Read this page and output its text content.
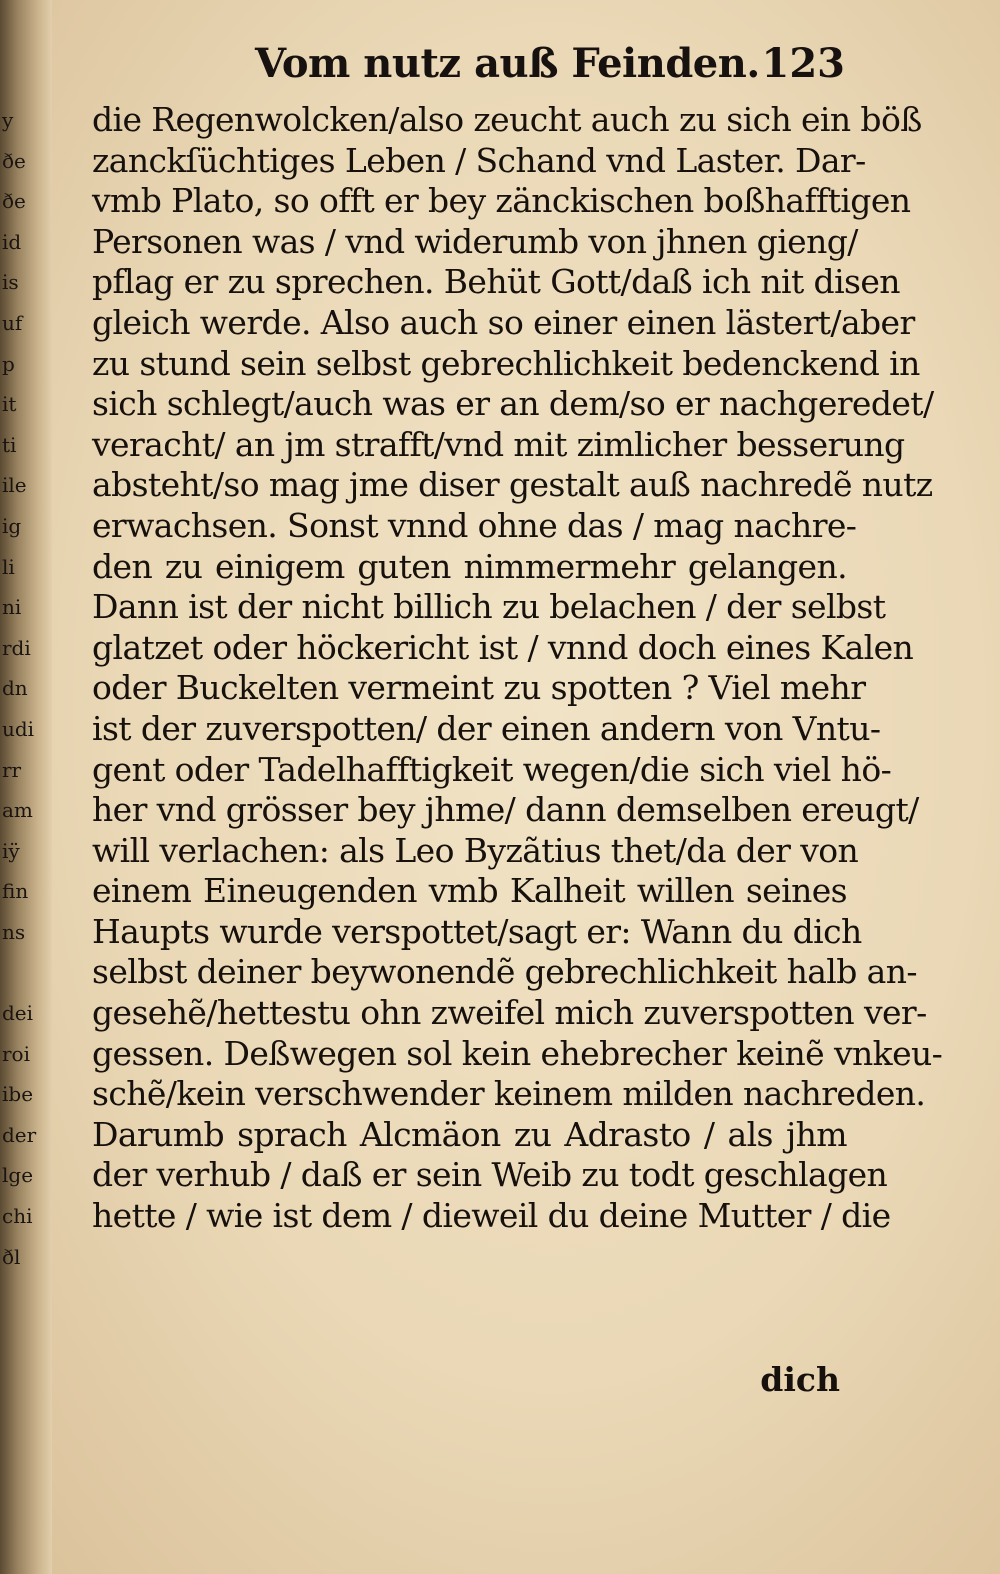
y
ðe
ðe
id
is
uf
p
it
ti
ile
ig
li
ni
rdi
dn
udi
rr
am
iÿ
fin
ns
dei
roi
ibe
der
lge
chi
ðl
Vom nutz auß Feinden. 123
die Regenwolcken/also zeucht auch zu sich ein böß
zanckſüchtiges Leben / Schand vnd Laster. Dar-
vmb Plato, so offt er bey zänckischen boßhafftigen
Personen was / vnd widerumb von jhnen gieng/
pflag er zu sprechen. Behüt Gott/daß ich nit disen
gleich werde. Also auch so einer einen lästert/aber
zu stund sein selbst gebrechlichkeit bedenckend in
sich schlegt/auch was er an dem/so er nachgeredet/
veracht/ an jm strafft/vnd mit zimlicher besserung
absteht/so mag jme diser gestalt auß nachredẽ nutz
erwachsen. Sonst vnnd ohne das / mag nachre-
den zu einigem guten nimmermehr gelangen.
Dann ist der nicht billich zu belachen / der selbst
glatzet oder höckericht ist / vnnd doch eines Kalen
oder Buckelten vermeint zu spotten ? Viel mehr
ist der zuverspotten/ der einen andern von Vntu-
gent oder Tadelhafftigkeit wegen/die sich viel hö-
her vnd grösser bey jhme/ dann demselben ereugt/
will verlachen: als Leo Byzãtius thet/da der von
einem Eineugenden vmb Kalheit willen seines
Haupts wurde verspottet/sagt er: Wann du dich
selbst deiner beywonendẽ gebrechlichkeit halb an-
gesehẽ/hettestu ohn zweifel mich zuverspotten ver-
gessen. Deßwegen sol kein ehebrecher keinẽ vnkeu-
schẽ/kein verschwender keinem milden nachreden.
Darumb sprach Alcmäon zu Adrasto / als jhm
der verhub / daß er sein Weib zu todt geschlagen
hette / wie ist dem / dieweil du deine Mutter / die
dich
